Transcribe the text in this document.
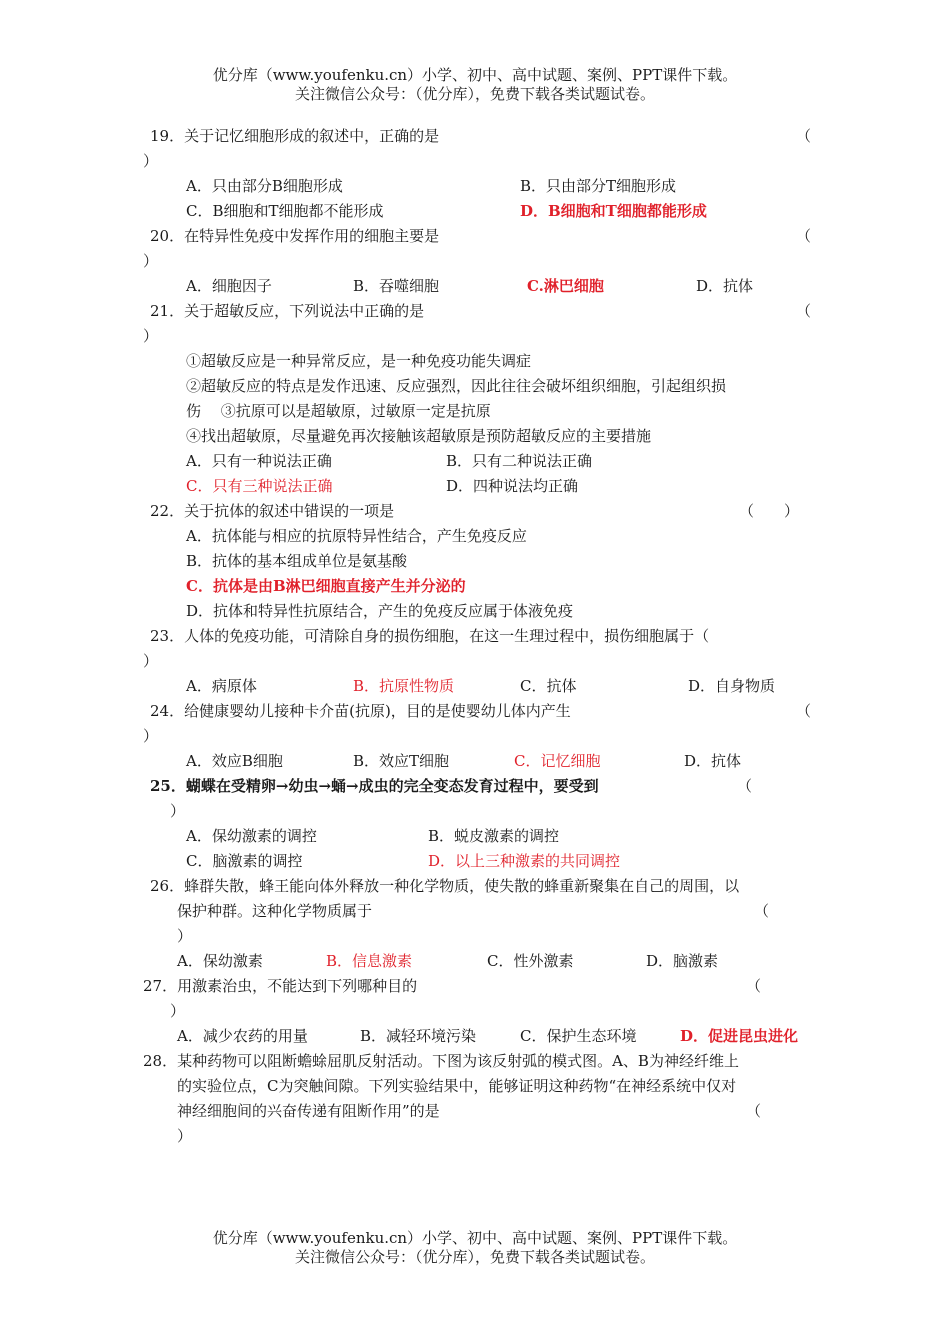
优分库（www.youfenku.cn）小学、初中、高中试题、案例、PPT课件下载。
关注微信公众号：（优分库），免费下载各类试题试卷。
19．关于记忆细胞形成的叙述中，正确的是	（
）
A．只由部分B细胞形成	B．只由部分T细胞形成
C．B细胞和T细胞都不能形成	D．B细胞和T细胞都能形成
20．在特异性免疫中发挥作用的细胞主要是	（
）
A．细胞因子	B．吞噬细胞	C.淋巴细胞	D．抗体
21．关于超敏反应，下列说法中正确的是	（
）
①超敏反应是一种异常反应，是一种免疫功能失调症
②超敏反应的特点是发作迅速、反应强烈，因此往往会破坏组织细胞，引起组织损
伤　 ③抗原可以是超敏原，过敏原一定是抗原
④找出超敏原，尽量避免再次接触该超敏原是预防超敏反应的主要措施
A．只有一种说法正确	B．只有二种说法正确
C．只有三种说法正确	D．四种说法均正确
22．关于抗体的叙述中错误的一项是	（　　）
A．抗体能与相应的抗原特异性结合，产生免疫反应
B．抗体的基本组成单位是氨基酸
C．抗体是由B淋巴细胞直接产生并分泌的
D．抗体和特异性抗原结合，产生的免疫反应属于体液免疫
23．人体的免疫功能，可清除自身的损伤细胞，在这一生理过程中，损伤细胞属于（
）
A．病原体	B．抗原性物质	C．抗体	D．自身物质
24．给健康婴幼儿接种卡介苗(抗原)，目的是使婴幼儿体内产生	（
）
A．效应B细胞	B．效应T细胞	C．记忆细胞	D．抗体
25．蝴蝶在受精卵→幼虫→蛹→成虫的完全变态发育过程中，要受到	（
）
A．保幼激素的调控	B．蜕皮激素的调控
C．脑激素的调控	D．以上三种激素的共同调控
26．蜂群失散，蜂王能向体外释放一种化学物质，使失散的蜂重新聚集在自己的周围，以
保护种群。这种化学物质属于	（
）
A．保幼激素	B．信息激素	C．性外激素	D．脑激素
27．用激素治虫，不能达到下列哪种目的	（
）
A．减少农药的用量	B．减轻环境污染	C．保护生态环境	D．促进昆虫进化
28．某种药物可以阻断蟾蜍屈肌反射活动。下图为该反射弧的模式图。A、B为神经纤维上
的实验位点，C为突触间隙。下列实验结果中，能够证明这种药物“在神经系统中仅对
神经细胞间的兴奋传递有阻断作用”的是	（
）
优分库（www.youfenku.cn）小学、初中、高中试题、案例、PPT课件下载。
关注微信公众号：（优分库），免费下载各类试题试卷。
